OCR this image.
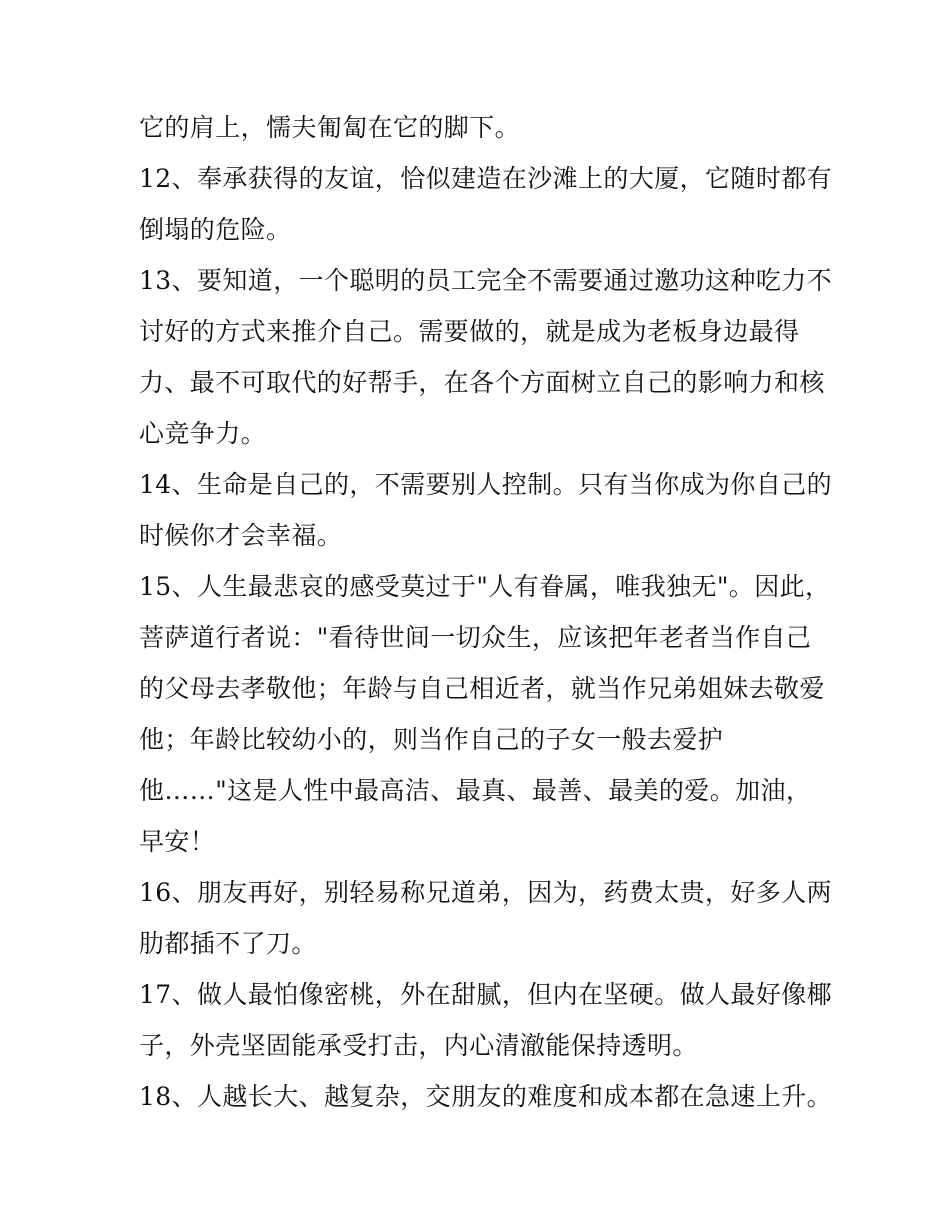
它的肩上，懦夫匍匐在它的脚下。
12、奉承获得的友谊，恰似建造在沙滩上的大厦，它随时都有
倒塌的危险。
13、要知道，一个聪明的员工完全不需要通过邀功这种吃力不
讨好的方式来推介自己。需要做的，就是成为老板身边最得
力、最不可取代的好帮手，在各个方面树立自己的影响力和核
心竞争力。
14、生命是自己的，不需要别人控制。只有当你成为你自己的
时候你才会幸福。
15、人生最悲哀的感受莫过于"人有眷属，唯我独无"。因此，
菩萨道行者说："看待世间一切众生，应该把年老者当作自己
的父母去孝敬他；年龄与自己相近者，就当作兄弟姐妹去敬爱
他；年龄比较幼小的，则当作自己的子女一般去爱护
他……"这是人性中最高洁、最真、最善、最美的爱。加油，
早安！
16、朋友再好，别轻易称兄道弟，因为，药费太贵，好多人两
肋都插不了刀。
17、做人最怕像密桃，外在甜腻，但内在坚硬。做人最好像椰
子，外壳坚固能承受打击，内心清澈能保持透明。
18、人越长大、越复杂，交朋友的难度和成本都在急速上升。
